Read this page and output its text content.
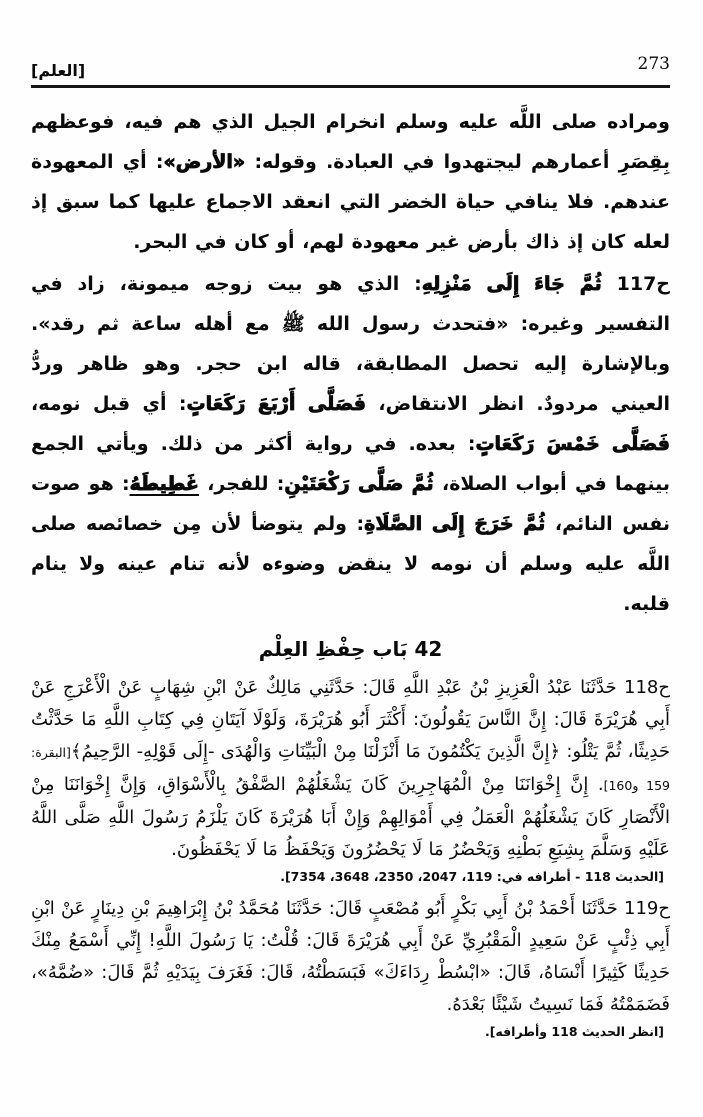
[العلم]	273

ومراده صلى اللَّه عليه وسلم انخرام الجيل الذي هم فيه، فوعظهم بِقِصَرِ أعمارهم ليجتهدوا في العبادة. وقوله: «الأرض»: أي المعهودة عندهم. فلا ينافي حياة الخضر التي انعقد الاجماع عليها كما سبق إذ لعله كان إذ ذاك بأرض غير معهودة لهم، أو كان في البحر.

ح117 ثُمَّ جَاءَ إِلَى مَنْزِلِهِ: الذي هو بيت زوجه ميمونة، زاد في التفسير وغيره: «فتحدث رسول الله ﷺ مع أهله ساعة ثم رقد». وبالإشارة إليه تحصل المطابقة، قاله ابن حجر. وهو ظاهر وردُّ العيني مردودٌ. انظر الانتقاض، فَصَلَّى أَرْبَعَ رَكَعَاتٍ: أي قبل نومه، فَصَلَّى خَمْسَ رَكَعَاتٍ: بعده. في رواية أكثر من ذلك. ويأتي الجمع بينهما في أبواب الصلاة، ثُمَّ صَلَّى رَكْعَتَيْنِ: للفجر، غَطِيطَهُ: هو صوت نفس النائم، ثُمَّ خَرَجَ إِلَى الصَّلَاةِ: ولم يتوضأ لأن مِن خصائصه صلى اللَّه عليه وسلم أن نومه لا ينقض وضوءه لأنه تنام عينه ولا ينام قلبه.

42 بَاب حِفْظِ العِلْم

ح118 حَدَّثَنَا عَبْدُ الْعَزِيزِ بْنُ عَبْدِ اللَّهِ قَالَ: حَدَّثَنِي مَالِكٌ عَنْ ابْنِ شِهَابٍ عَنْ الْأَعْرَجِ عَنْ أَبِي هُرَيْرَةَ قَالَ: إِنَّ النَّاسَ يَقُولُونَ: أَكْثَرَ أَبُو هُرَيْرَةَ، وَلَوْلَا آيَتَانِ فِي كِتَابِ اللَّهِ مَا حَدَّثْتُ حَدِيثًا، ثُمَّ يَتْلُو: ﴿إِنَّ الَّذِينَ يَكْتُمُونَ مَا أَنْزَلْنَا مِنْ الْبَيِّنَاتِ وَالْهُدَى -إِلَى قَوْلِهِ- الرَّحِيمُ﴾[البقرة: 159 و160]. إِنَّ إِخْوَانَنَا مِنْ الْمُهَاجِرِينَ كَانَ يَشْغَلُهُمْ الصَّفْقُ بِالْأَسْوَاقِ، وَإِنَّ إِخْوَانَنَا مِنْ الْأَنْصَارِ كَانَ يَشْغَلُهُمْ الْعَمَلُ فِي أَمْوَالِهِمْ وَإِنْ أَبَا هُرَيْرَةَ كَانَ يَلْزَمُ رَسُولَ اللَّهِ صَلَّى اللَّهُ عَلَيْهِ وَسَلَّمَ بِشِبَعِ بَطْنِهِ وَيَحْضُرُ مَا لَا يَحْضُرُونَ وَيَحْفَظُ مَا لَا يَحْفَظُونَ.

[الحديث 118 - أطرافه في: 119، 2047، 2350، 3648، 7354].

ح119 حَدَّثَنَا أَحْمَدُ بْنُ أَبِي بَكْرٍ أَبُو مُصْعَبٍ قَالَ: حَدَّثَنَا مُحَمَّدُ بْنُ إِبْرَاهِيمَ بْنِ دِينَارٍ عَنْ ابْنِ أَبِي ذِئْبٍ عَنْ سَعِيدٍ الْمَقْبُرِيِّ عَنْ أَبِي هُرَيْرَةَ قَالَ: قُلْتُ: يَا رَسُولَ اللَّهِ! إِنِّي أَسْمَعُ مِنْكَ حَدِيثًا كَثِيرًا أَنْسَاهُ، قَالَ: «ابْسُطْ رِدَاءَكَ» فَبَسَطْتُهُ، قَالَ: فَغَرَفَ بِيَدَيْهِ ثُمَّ قَالَ: «ضُمَّهُ»، فَضَمَمْتُهُ فَمَا نَسِيتُ شَيْئًا بَعْدَهُ.

[انظر الحديث 118 وأطرافه].
